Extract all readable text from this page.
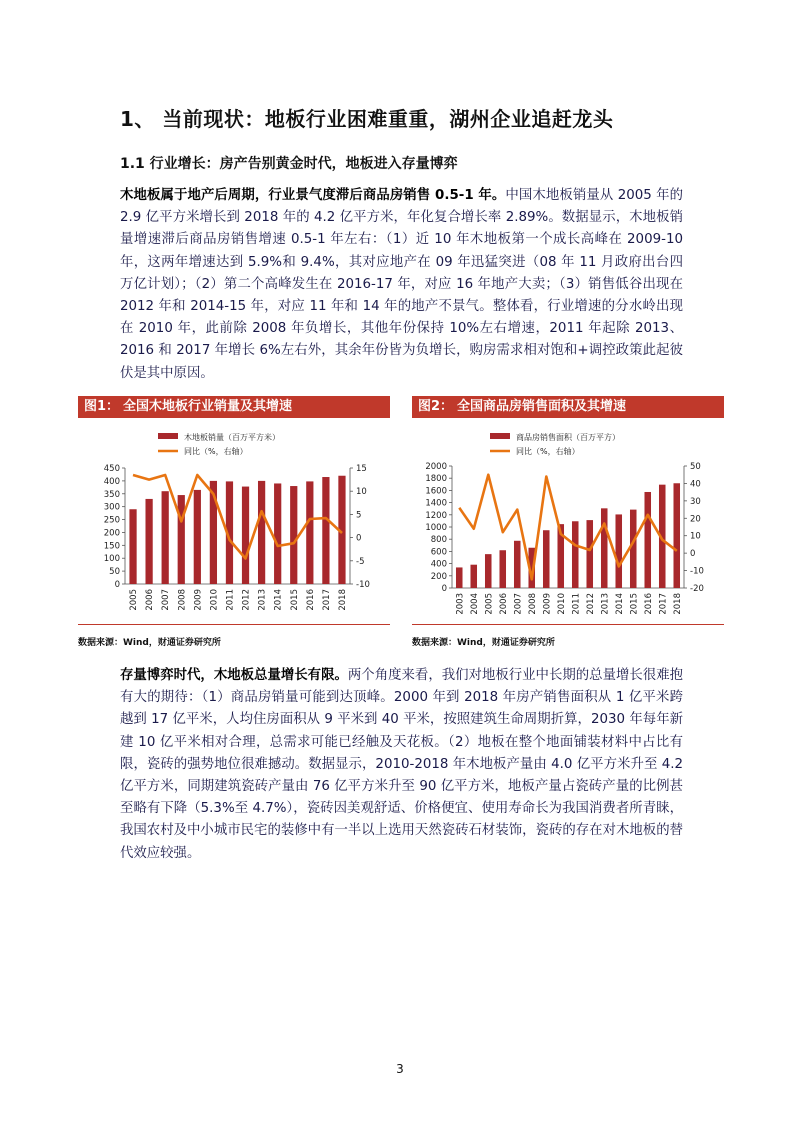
1、 当前现状：地板行业困难重重，湖州企业追赶龙头
1.1 行业增长：房产告别黄金时代，地板进入存量博弈
木地板属于地产后周期，行业景气度滞后商品房销售 0.5-1 年。中国木地板销量从 2005 年的 2.9 亿平方米增长到 2018 年的 4.2 亿平方米，年化复合增长率 2.89%。数据显示，木地板销量增速滞后商品房销售增速 0.5-1 年左右：（1）近 10 年木地板第一个成长高峰在 2009-10 年，这两年增速达到 5.9%和 9.4%，其对应地产在 09 年迅猛突进（08 年 11 月政府出台四万亿计划）；（2）第二个高峰发生在 2016-17 年，对应 16 年地产大卖；（3）销售低谷出现在 2012 年和 2014-15 年，对应 11 年和 14 年的地产不景气。整体看，行业增速的分水岭出现在 2010 年，此前除 2008 年负增长，其他年份保持 10%左右增速，2011 年起除 2013、2016 和 2017 年增长 6%左右外，其余年份皆为负增长，购房需求相对饱和+调控政策此起彼伏是其中原因。
图1： 全国木地板行业销量及其增速
木地板销量（百万平方米）
同比（%，右轴）
0
50
100
150
200
250
300
350
400
450
-10
-5
0
5
10
15
2005 2006 2007 2008 2009 2010 2011 2012 2013 2014 2015 2016 2017 2018
数据来源：Wind，财通证券研究所
图2： 全国商品房销售面积及其增速
商品房销售面积（百万平方）
同比（%，右轴）
0
200
400
600
800
1000
1200
1400
1600
1800
2000
-20
-10
0
10
20
30
40
50
2003 2004 2005 2006 2007 2008 2009 2010 2011 2012 2013 2014 2015 2016 2017 2018
数据来源：Wind，财通证券研究所
存量博弈时代，木地板总量增长有限。两个角度来看，我们对地板行业中长期的总量增长很难抱有大的期待：（1）商品房销量可能到达顶峰。2000 年到 2018 年房产销售面积从 1 亿平米跨越到 17 亿平米，人均住房面积从 9 平米到 40 平米，按照建筑生命周期折算，2030 年每年新建 10 亿平米相对合理，总需求可能已经触及天花板。（2）地板在整个地面铺装材料中占比有限，瓷砖的强势地位很难撼动。数据显示，2010-2018 年木地板产量由 4.0 亿平方米升至 4.2 亿平方米，同期建筑瓷砖产量由 76 亿平方米升至 90 亿平方米，地板产量占瓷砖产量的比例甚至略有下降（5.3%至 4.7%），瓷砖因美观舒适、价格便宜、使用寿命长为我国消费者所青睐，我国农村及中小城市民宅的装修中有一半以上选用天然瓷砖石材装饰，瓷砖的存在对木地板的替代效应较强。
3
